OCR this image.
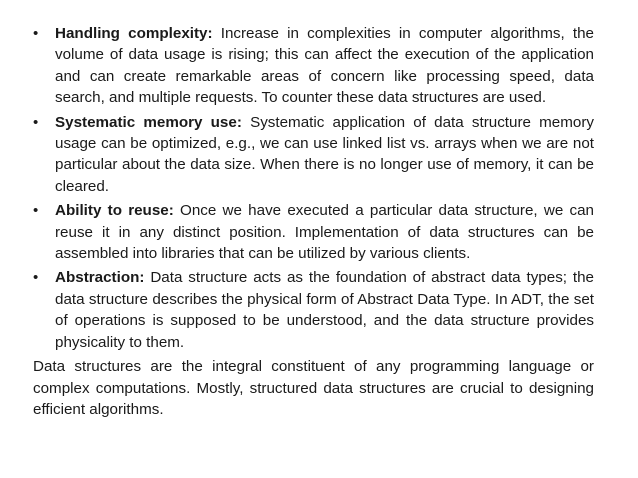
•	Handling complexity: Increase in complexities in computer algorithms, the volume of data usage is rising; this can affect the execution of the application and can create remarkable areas of concern like processing speed, data search, and multiple requests. To counter these data structures are used.
•	Systematic memory use: Systematic application of data structure memory usage can be optimized, e.g., we can use linked list vs. arrays when we are not particular about the data size. When there is no longer use of memory, it can be cleared.
•	Ability to reuse: Once we have executed a particular data structure, we can reuse it in any distinct position. Implementation of data structures can be assembled into libraries that can be utilized by various clients.
•	Abstraction: Data structure acts as the foundation of abstract data types; the data structure describes the physical form of Abstract Data Type. In ADT, the set of operations is supposed to be understood, and the data structure provides physicality to them.

Data structures are the integral constituent of any programming language or complex computations. Mostly, structured data structures are crucial to designing efficient algorithms.
